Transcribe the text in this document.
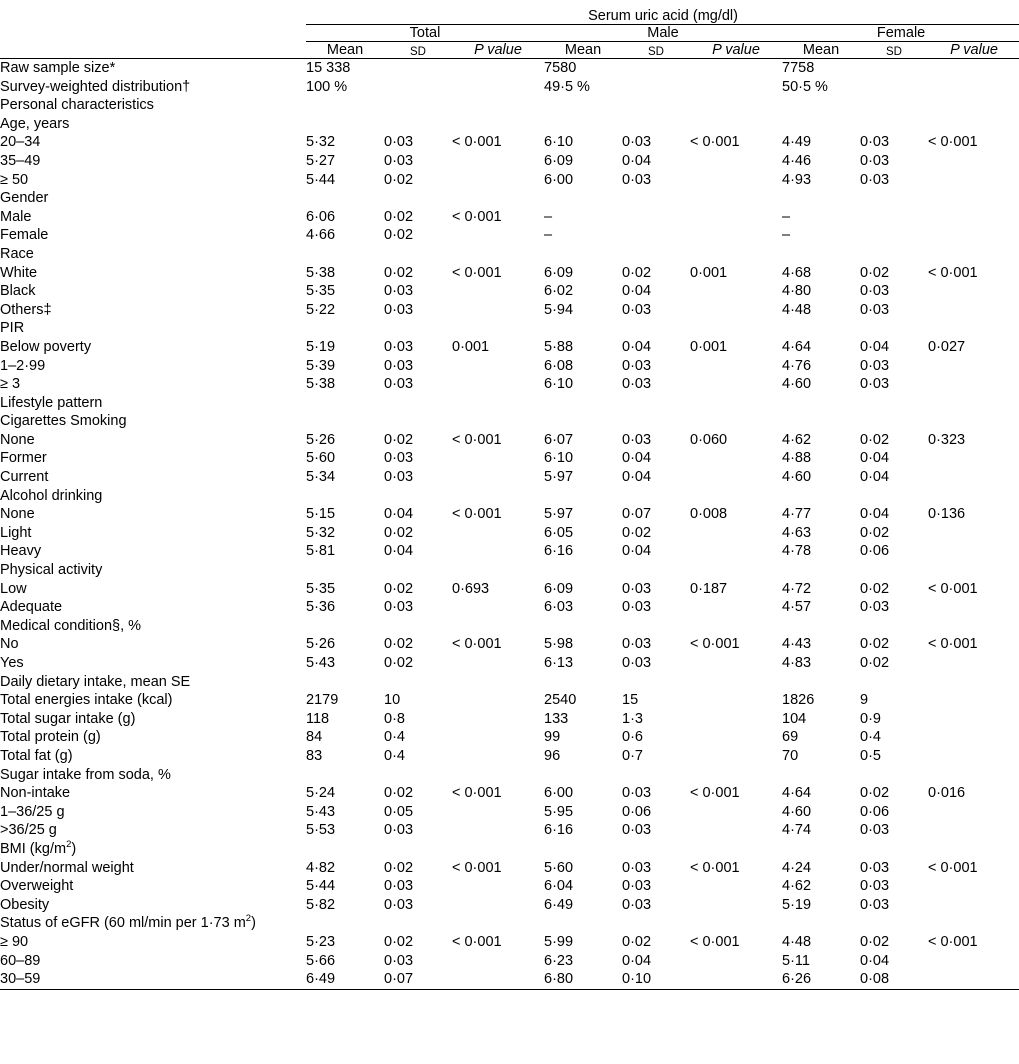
	Serum uric acid (mg/dl)								
	Total			Male			Female		
	Mean	SD	P value	Mean	SD	P value	Mean	SD	P value

Raw sample size*	15 338			7580			7758		
Survey-weighted distribution†	100 %			49·5 %			50·5 %		
Personal characteristics									
Age, years									
20–34	5·32	0·03	< 0·001	6·10	0·03	< 0·001	4·49	0·03	< 0·001
35–49	5·27	0·03		6·09	0·04		4·46	0·03	
≥ 50	5·44	0·02		6·00	0·03		4·93	0·03	
Gender									
Male	6·06	0·02	< 0·001	–			–		
Female	4·66	0·02		–			–		
Race									
White	5·38	0·02	< 0·001	6·09	0·02	0·001	4·68	0·02	< 0·001
Black	5·35	0·03		6·02	0·04		4·80	0·03	
Others‡	5·22	0·03		5·94	0·03		4·48	0·03	
PIR									
Below poverty	5·19	0·03	0·001	5·88	0·04	0·001	4·64	0·04	0·027
1–2·99	5·39	0·03		6·08	0·03		4·76	0·03	
≥ 3	5·38	0·03		6·10	0·03		4·60	0·03	
Lifestyle pattern									
Cigarettes Smoking									
None	5·26	0·02	< 0·001	6·07	0·03	0·060	4·62	0·02	0·323
Former	5·60	0·03		6·10	0·04		4·88	0·04	
Current	5·34	0·03		5·97	0·04		4·60	0·04	
Alcohol drinking									
None	5·15	0·04	< 0·001	5·97	0·07	0·008	4·77	0·04	0·136
Light	5·32	0·02		6·05	0·02		4·63	0·02	
Heavy	5·81	0·04		6·16	0·04		4·78	0·06	
Physical activity									
Low	5·35	0·02	0·693	6·09	0·03	0·187	4·72	0·02	< 0·001
Adequate	5·36	0·03		6·03	0·03		4·57	0·03	
Medical condition§, %									
No	5·26	0·02	< 0·001	5·98	0·03	< 0·001	4·43	0·02	< 0·001
Yes	5·43	0·02		6·13	0·03		4·83	0·02	
Daily dietary intake, mean SE									
Total energies intake (kcal)	2179	10		2540	15		1826	9	
Total sugar intake (g)	118	0·8		133	1·3		104	0·9	
Total protein (g)	84	0·4		99	0·6		69	0·4	
Total fat (g)	83	0·4		96	0·7		70	0·5	
Sugar intake from soda, %									
Non-intake	5·24	0·02	< 0·001	6·00	0·03	< 0·001	4·64	0·02	0·016
1–36/25 g	5·43	0·05		5·95	0·06		4·60	0·06	
>36/25 g	5·53	0·03		6·16	0·03		4·74	0·03	
BMI $(kg/m^2)$									
Under/normal weight	4·82	0·02	< 0·001	5·60	0·03	< 0·001	4·24	0·03	< 0·001
Overweight	5·44	0·03		6·04	0·03		4·62	0·03	
Obesity	5·82	0·03		6·49	0·03		5·19	0·03	
Status of eGFR (60 ml/min per 1·73 $m^2$)									
≥ 90	5·23	0·02	< 0·001	5·99	0·02	< 0·001	4·48	0·02	< 0·001
60–89	5·66	0·03		6·23	0·04		5·11	0·04	
30–59	6·49	0·07		6·80	0·10		6·26	0·08	
